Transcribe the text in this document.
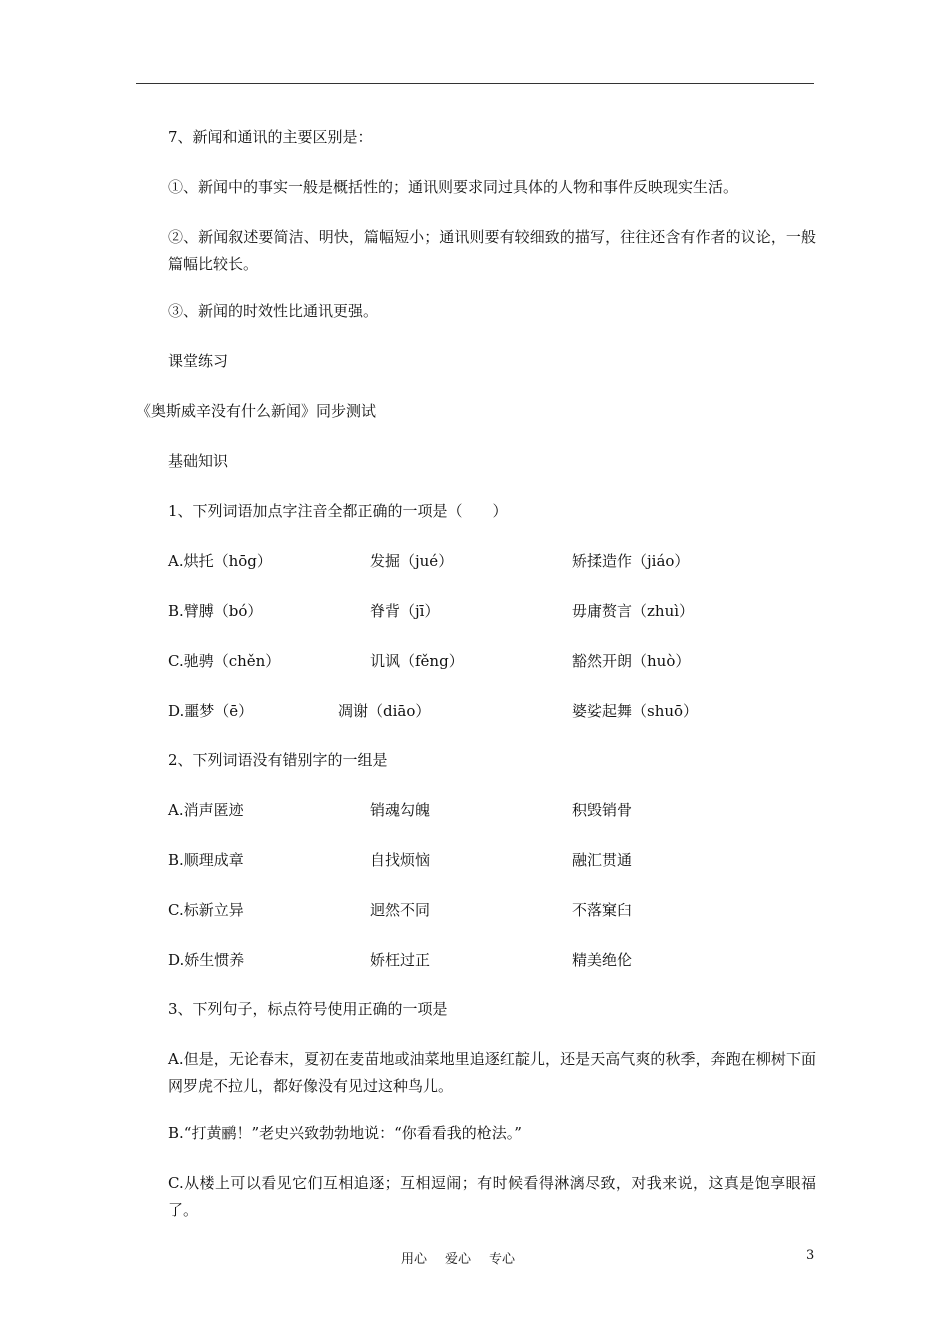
7、新闻和通讯的主要区别是：
①、新闻中的事实一般是概括性的；通讯则要求同过具体的人物和事件反映现实生活。
②、新闻叙述要简洁、明快，篇幅短小；通讯则要有较细致的描写，往往还含有作者的议论，一般篇幅比较长。
③、新闻的时效性比通讯更强。
课堂练习
《奥斯威辛没有什么新闻》同步测试
基础知识
1、下列词语加点字注音全都正确的一项是（　　）
A.烘托（hōg）	发掘（jué）	矫揉造作（jiáo）
B.臂膊（bó）	脊背（jī）	毋庸赘言（zhuì）
C.驰骋（chěn）	讥讽（fěng）	豁然开朗（huò）
D.噩梦（ē）	凋谢（diāo）	婆娑起舞（shuō）
2、下列词语没有错别字的一组是
A.消声匿迹	销魂勾魄	积毁销骨
B.顺理成章	自找烦恼	融汇贯通
C.标新立异	迥然不同	不落窠臼
D.娇生惯养	娇枉过正	精美绝伦
3、下列句子，标点符号使用正确的一项是
A.但是，无论春末，夏初在麦苗地或油菜地里追逐红靛儿，还是天高气爽的秋季，奔跑在柳树下面网罗虎不拉儿，都好像没有见过这种鸟儿。
B.“打黄鹂！”老史兴致勃勃地说：“你看看我的枪法。”
C.从楼上可以看见它们互相追逐；互相逗闹；有时候看得淋漓尽致，对我来说，这真是饱享眼福了。
用心 爱心 专心	3
